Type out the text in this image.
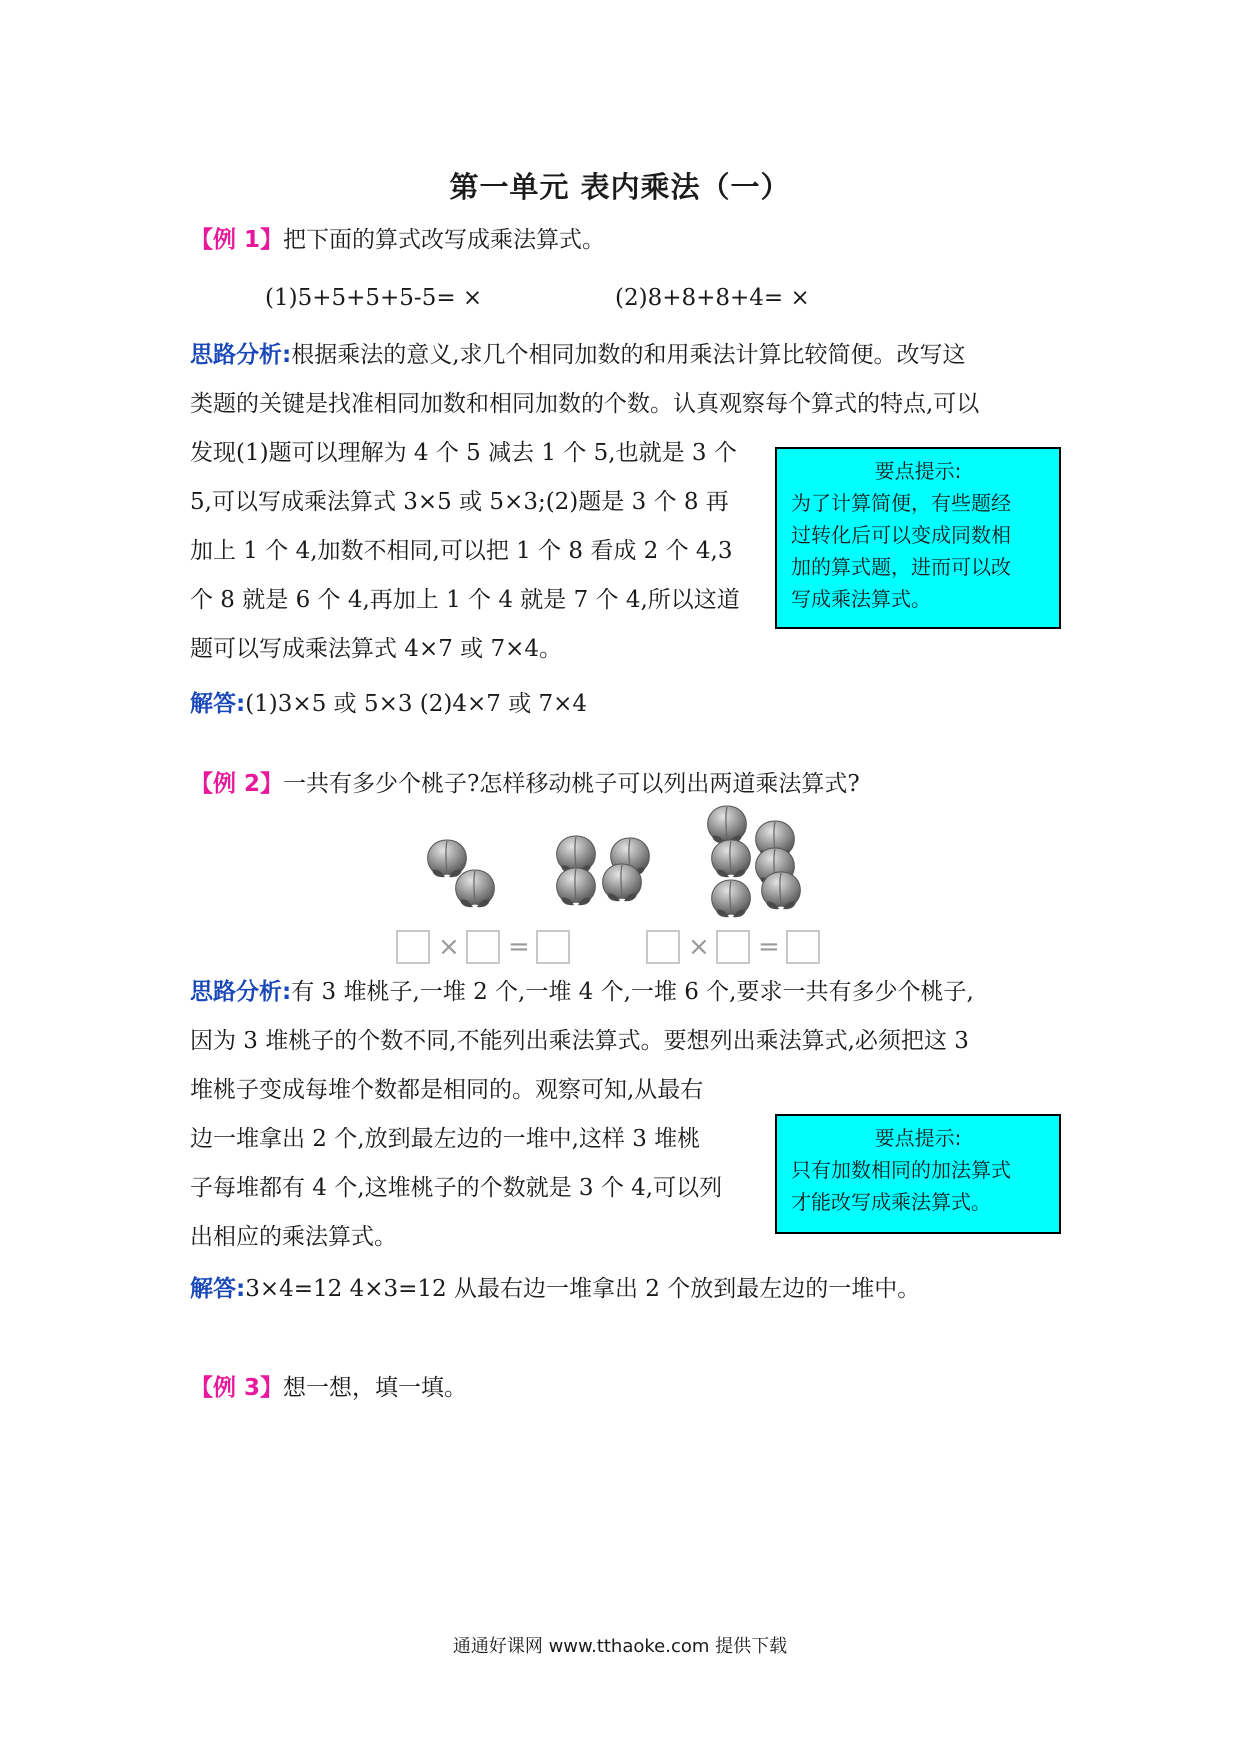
第一单元 表内乘法（一）
【例 1】把下面的算式改写成乘法算式。
(1)5+5+5+5-5= ×	(2)8+8+8+4= ×
思路分析:根据乘法的意义,求几个相同加数的和用乘法计算比较简便。改写这
类题的关键是找准相同加数和相同加数的个数。认真观察每个算式的特点,可以
发现(1)题可以理解为 4 个 5 减去 1 个 5,也就是 3 个
5,可以写成乘法算式 3×5 或 5×3;(2)题是 3 个 8 再
加上 1 个 4,加数不相同,可以把 1 个 8 看成 2 个 4,3
个 8 就是 6 个 4,再加上 1 个 4 就是 7 个 4,所以这道
题可以写成乘法算式 4×7 或 7×4。
要点提示:
为了计算简便，有些题经
过转化后可以变成同数相
加的算式题，进而可以改
写成乘法算式。
解答:(1)3×5 或 5×3 (2)4×7 或 7×4
【例 2】一共有多少个桃子?怎样移动桃子可以列出两道乘法算式?
× =	× =
思路分析:有 3 堆桃子,一堆 2 个,一堆 4 个,一堆 6 个,要求一共有多少个桃子,
因为 3 堆桃子的个数不同,不能列出乘法算式。要想列出乘法算式,必须把这 3
堆桃子变成每堆个数都是相同的。观察可知,从最右
边一堆拿出 2 个,放到最左边的一堆中,这样 3 堆桃
子每堆都有 4 个,这堆桃子的个数就是 3 个 4,可以列
出相应的乘法算式。
要点提示:
只有加数相同的加法算式
才能改写成乘法算式。
解答:3×4=12 4×3=12 从最右边一堆拿出 2 个放到最左边的一堆中。
【例 3】想一想，填一填。
通通好课网 www.tthaoke.com 提供下载
